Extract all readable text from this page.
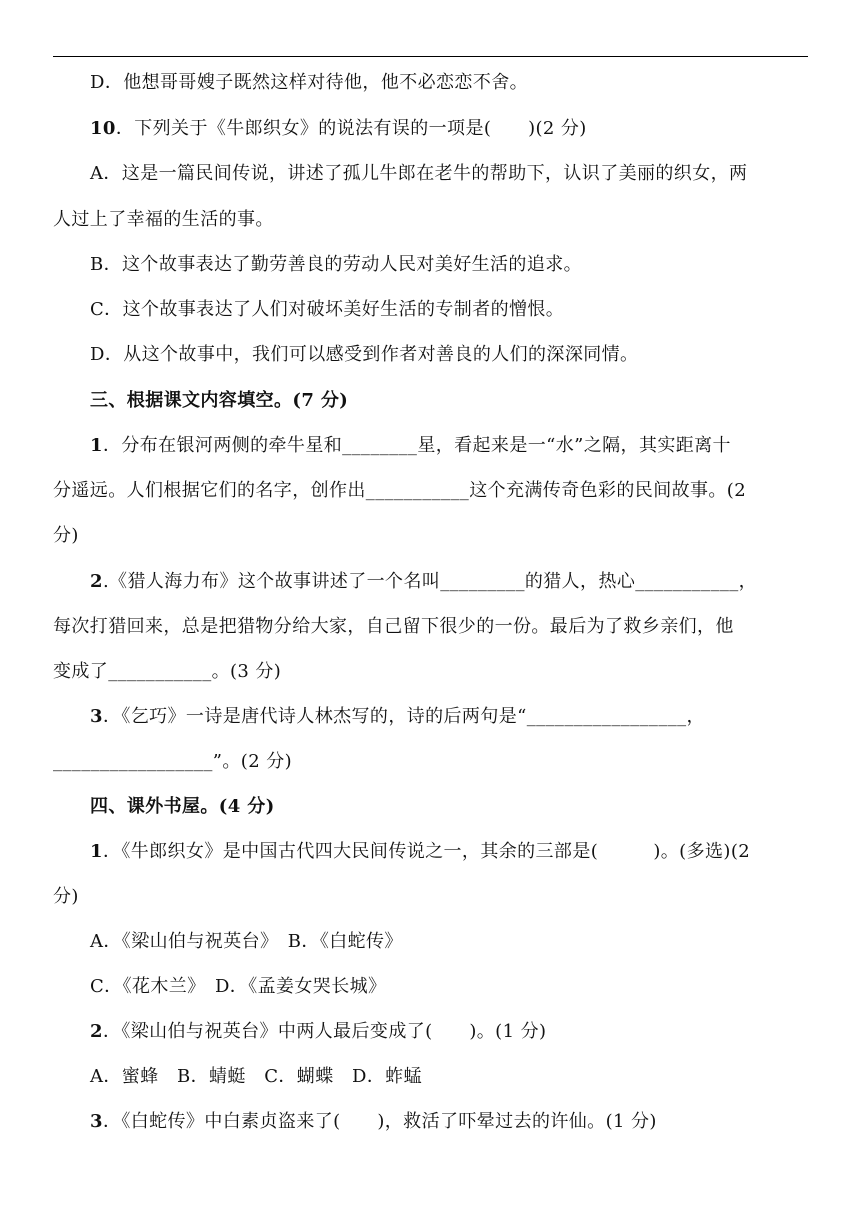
D．他想哥哥嫂子既然这样对待他，他不必恋恋不舍。
10．下列关于《牛郎织女》的说法有误的一项是(　　)(2 分)
A．这是一篇民间传说，讲述了孤儿牛郎在老牛的帮助下，认识了美丽的织女，两
人过上了幸福的生活的事。
B．这个故事表达了勤劳善良的劳动人民对美好生活的追求。
C．这个故事表达了人们对破坏美好生活的专制者的憎恨。
D．从这个故事中，我们可以感受到作者对善良的人们的深深同情。
三、根据课文内容填空。(7 分)
1．分布在银河两侧的牵牛星和________星，看起来是一“水”之隔，其实距离十
分遥远。人们根据它们的名字，创作出___________这个充满传奇色彩的民间故事。(2
分)
2.《猎人海力布》这个故事讲述了一个名叫_________的猎人，热心___________，
每次打猎回来，总是把猎物分给大家，自己留下很少的一份。最后为了救乡亲们，他
变成了___________。(3 分)
3．《乞巧》一诗是唐代诗人林杰写的，诗的后两句是“_________________，
_________________”。(2 分)
四、课外书屋。(4 分)
1．《牛郎织女》是中国古代四大民间传说之一，其余的三部是(　　　)。(多选)(2
分)
A．《梁山伯与祝英台》　B．《白蛇传》
C．《花木兰》　D．《孟姜女哭长城》
2．《梁山伯与祝英台》中两人最后变成了(　　)。(1 分)
A．蜜蜂　B．蜻蜓　C．蝴蝶　D．蚱蜢
3．《白蛇传》中白素贞盗来了(　　)，救活了吓晕过去的许仙。(1 分)
